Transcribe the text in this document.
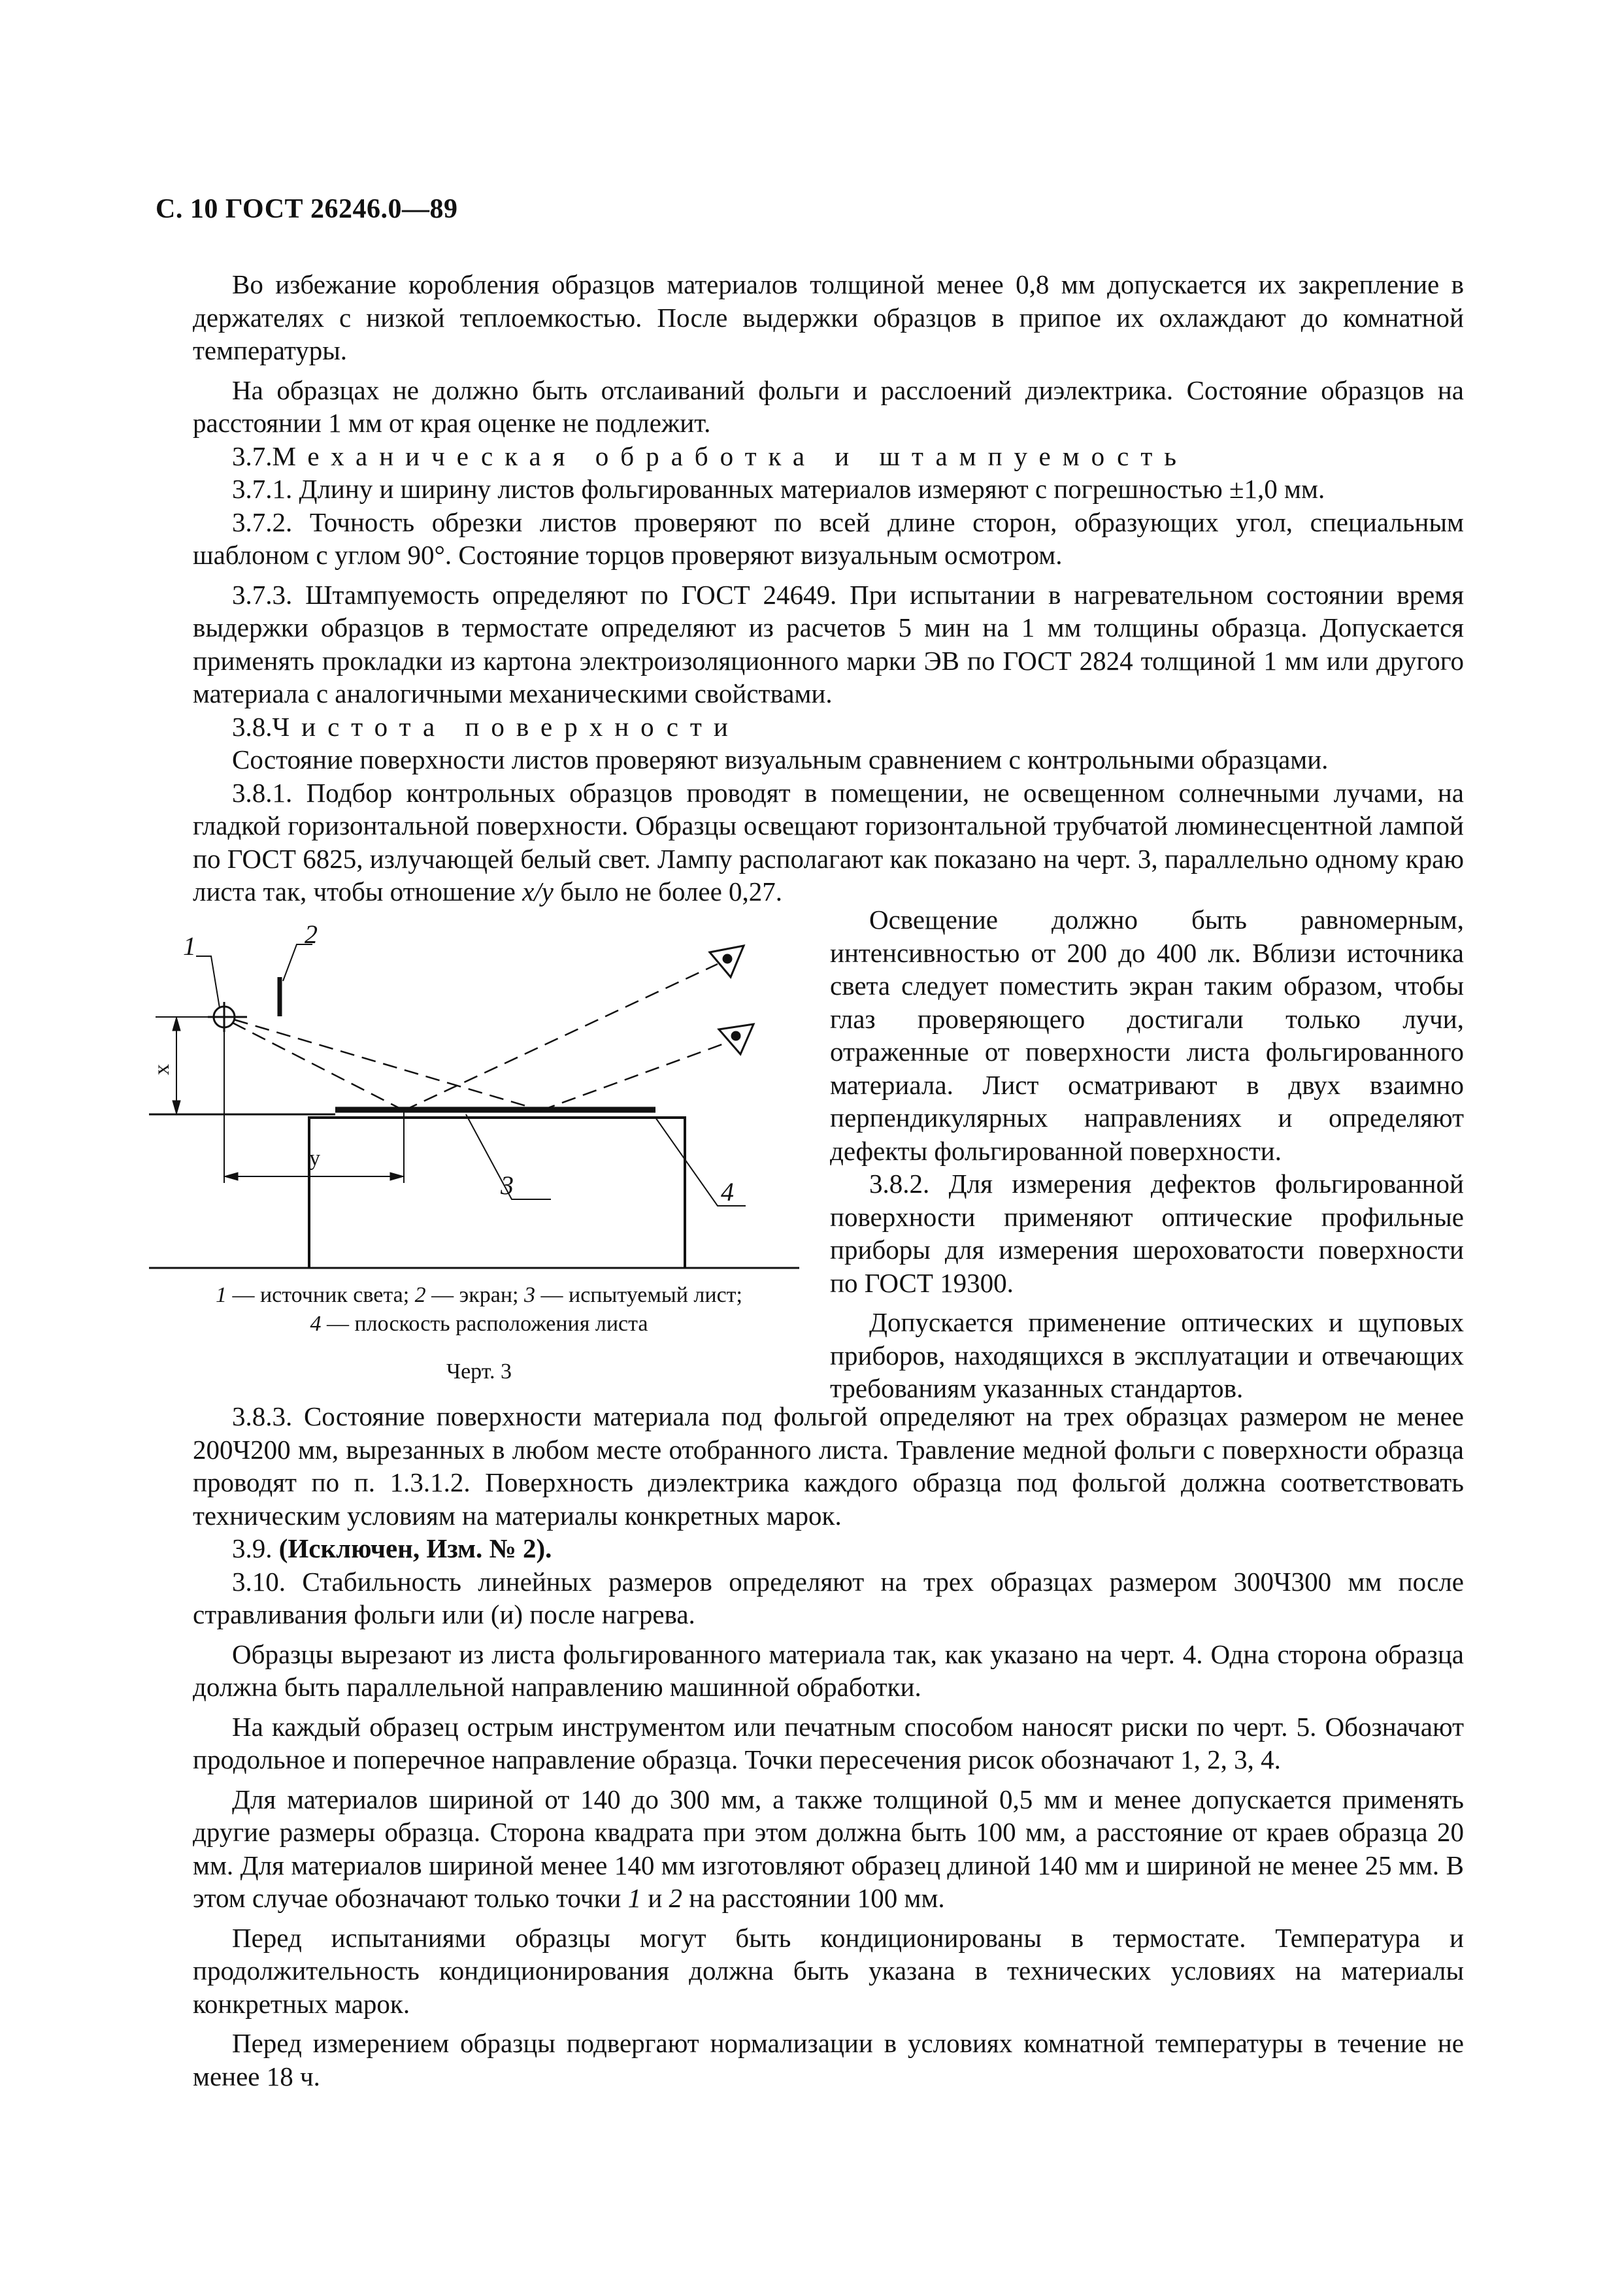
С. 10 ГОСТ 26246.0—89

Во избежание коробления образцов материалов толщиной менее 0,8 мм допускается их закрепление в держателях с низкой теплоемкостью. После выдержки образцов в припое их охлаждают до комнатной температуры.

На образцах не должно быть отслаиваний фольги и расслоений диэлектрика. Состояние образцов на расстоянии 1 мм от края оценке не подлежит.

3.7.Механическая обработка и штампуемость

3.7.1. Длину и ширину листов фольгированных материалов измеряют с погрешностью ±1,0 мм.

3.7.2. Точность обрезки листов проверяют по всей длине сторон, образующих угол, специальным шаблоном с углом 90°. Состояние торцов проверяют визуальным осмотром.

3.7.3. Штампуемость определяют по ГОСТ 24649. При испытании в нагревательном состоянии время выдержки образцов в термостате определяют из расчетов 5 мин на 1 мм толщины образца. Допускается применять прокладки из картона электроизоляционного марки ЭВ по ГОСТ 2824 толщиной 1 мм или другого материала с аналогичными механическими свойствами.

3.8.Чистота поверхности

Состояние поверхности листов проверяют визуальным сравнением с контрольными образцами.

3.8.1. Подбор контрольных образцов проводят в помещении, не освещенном солнечными лучами, на гладкой горизонтальной поверхности. Образцы освещают горизонтальной трубчатой люминесцентной лампой по ГОСТ 6825, излучающей белый свет. Лампу располагают как показано на черт. 3, параллельно одному краю листа так, чтобы отношение x/y было не более 0,27.

1	2
3	4
x
y
1 — источник света; 2 — экран; 3 — испытуемый лист;
4 — плоскость расположения листа
Черт. 3

Освещение должно быть равномерным, интенсивностью от 200 до 400 лк. Вблизи источника света следует поместить экран таким образом, чтобы глаз проверяющего достигали только лучи, отраженные от поверхности листа фольгированного материала. Лист осматривают в двух взаимно перпендикулярных направлениях и определяют дефекты фольгированной поверхности.

3.8.2. Для измерения дефектов фольгированной поверхности применяют оптические профильные приборы для измерения шероховатости поверхности по ГОСТ 19300.

Допускается применение оптических и щуповых приборов, находящихся в эксплуатации и отвечающих требованиям указанных стандартов.

3.8.3. Состояние поверхности материала под фольгой определяют на трех образцах размером не менее 200Ч200 мм, вырезанных в любом месте отобранного листа. Травление медной фольги с поверхности образца проводят по п. 1.3.1.2. Поверхность диэлектрика каждого образца под фольгой должна соответствовать техническим условиям на материалы конкретных марок.

3.9. (Исключен, Изм. № 2).

3.10. Стабильность линейных размеров определяют на трех образцах размером 300Ч300 мм после стравливания фольги или (и) после нагрева.

Образцы вырезают из листа фольгированного материала так, как указано на черт. 4. Одна сторона образца должна быть параллельной направлению машинной обработки.

На каждый образец острым инструментом или печатным способом наносят риски по черт. 5. Обозначают продольное и поперечное направление образца. Точки пересечения рисок обозначают 1, 2, 3, 4.

Для материалов шириной от 140 до 300 мм, а также толщиной 0,5 мм и менее допускается применять другие размеры образца. Сторона квадрата при этом должна быть 100 мм, а расстояние от краев образца 20 мм. Для материалов шириной менее 140 мм изготовляют образец длиной 140 мм и шириной не менее 25 мм. В этом случае обозначают только точки 1 и 2 на расстоянии 100 мм.

Перед испытаниями образцы могут быть кондиционированы в термостате. Температура и продолжительность кондиционирования должна быть указана в технических условиях на материалы конкретных марок.

Перед измерением образцы подвергают нормализации в условиях комнатной температуры в течение не менее 18 ч.
